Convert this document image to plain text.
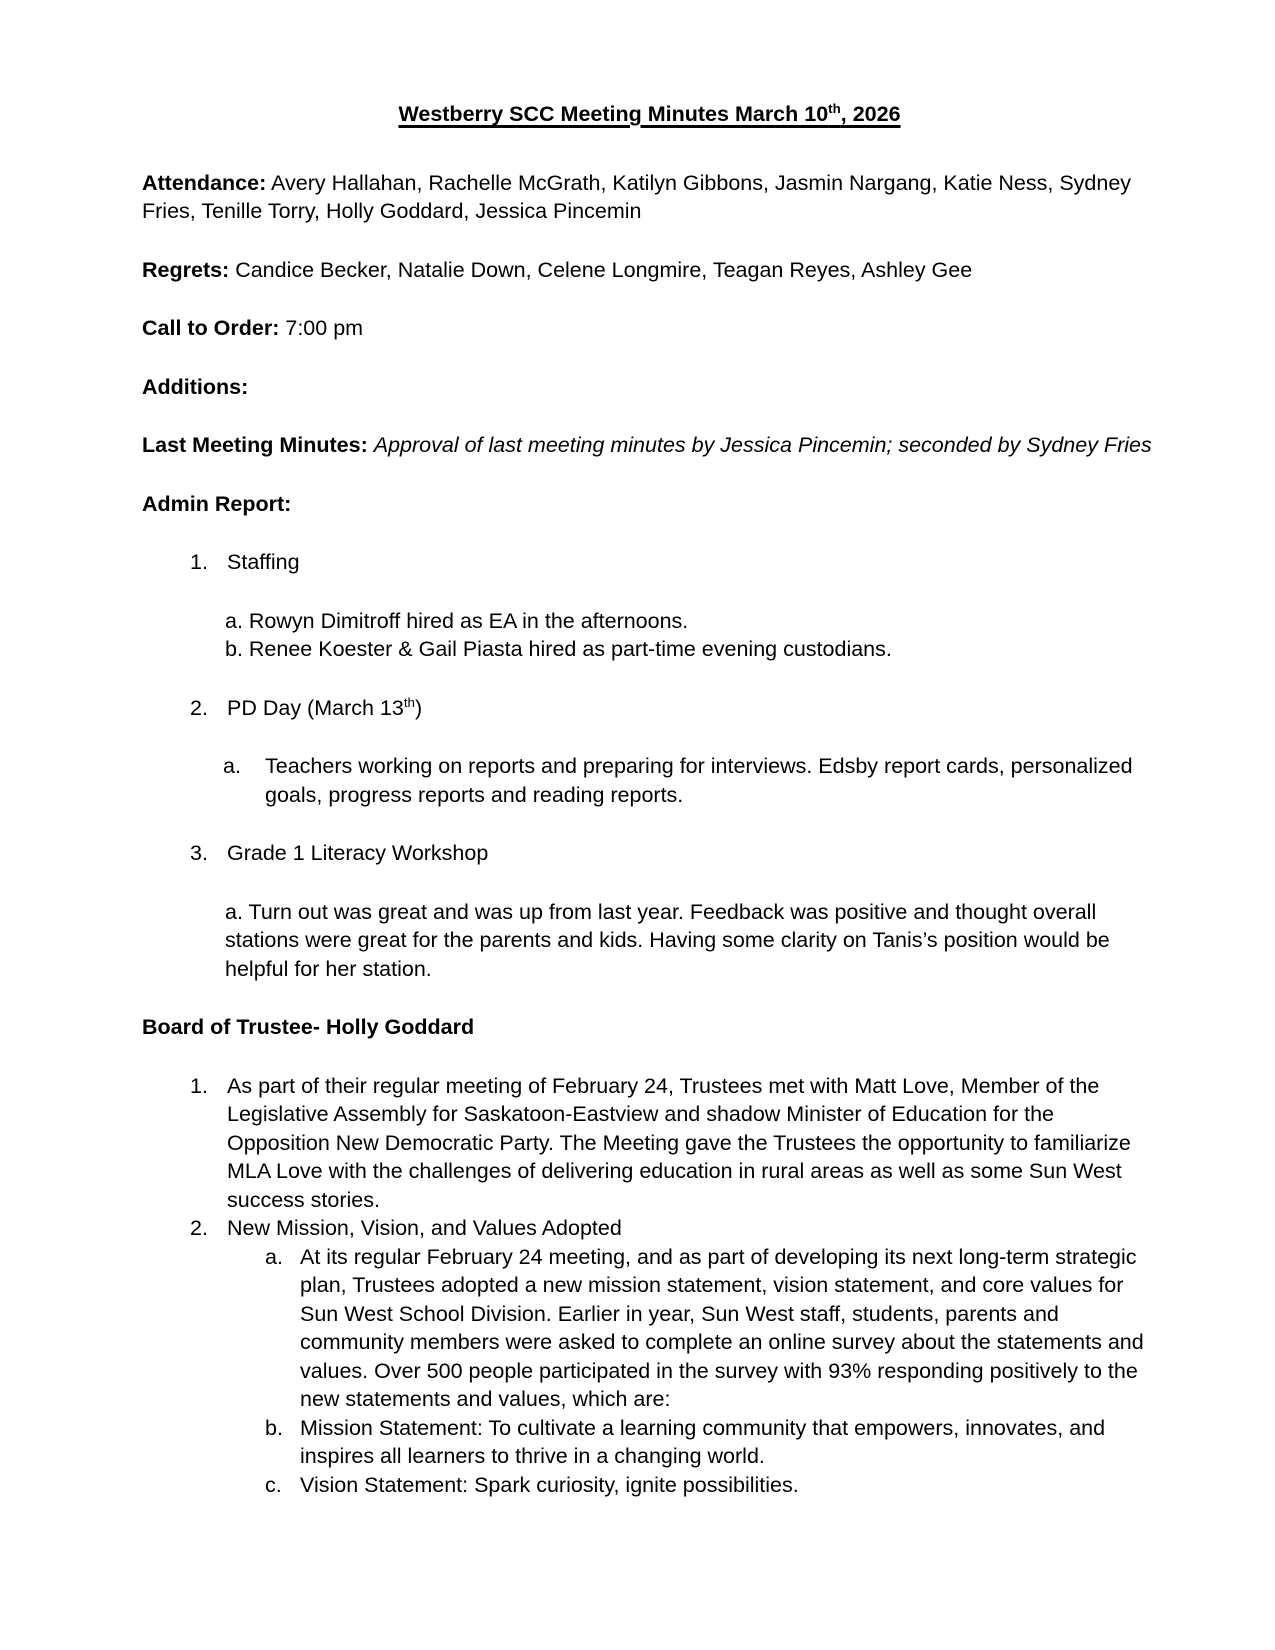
Westberry SCC Meeting Minutes March 10th, 2026

Attendance: Avery Hallahan, Rachelle McGrath, Katilyn Gibbons, Jasmin Nargang, Katie Ness, Sydney Fries, Tenille Torry, Holly Goddard, Jessica Pincemin

Regrets: Candice Becker, Natalie Down, Celene Longmire, Teagan Reyes, Ashley Gee

Call to Order: 7:00 pm

Additions:

Last Meeting Minutes: Approval of last meeting minutes by Jessica Pincemin; seconded by Sydney Fries

Admin Report:

1. Staffing

a. Rowyn Dimitroff hired as EA in the afternoons.

b. Renee Koester & Gail Piasta hired as part-time evening custodians.

2. PD Day (March 13th)
a.	Teachers working on reports and preparing for interviews. Edsby report cards, personalized goals, progress reports and reading reports.
3. Grade 1 Literacy Workshop

a. Turn out was great and was up from last year. Feedback was positive and thought overall stations were great for the parents and kids. Having some clarity on Tanis’s position would be helpful for her station.

Board of Trustee- Holly Goddard

1. As part of their regular meeting of February 24, Trustees met with Matt Love, Member of the Legislative Assembly for Saskatoon-Eastview and shadow Minister of Education for the Opposition New Democratic Party. The Meeting gave the Trustees the opportunity to familiarize MLA Love with the challenges of delivering education in rural areas as well as some Sun West success stories.
2. New Mission, Vision, and Values Adopted
a. At its regular February 24 meeting, and as part of developing its next long-term strategic plan, Trustees adopted a new mission statement, vision statement, and core values for Sun West School Division. Earlier in year, Sun West staff, students, parents and community members were asked to complete an online survey about the statements and values. Over 500 people participated in the survey with 93% responding positively to the new statements and values, which are:
b. Mission Statement: To cultivate a learning community that empowers, innovates, and inspires all learners to thrive in a changing world.
c. Vision Statement: Spark curiosity, ignite possibilities.
